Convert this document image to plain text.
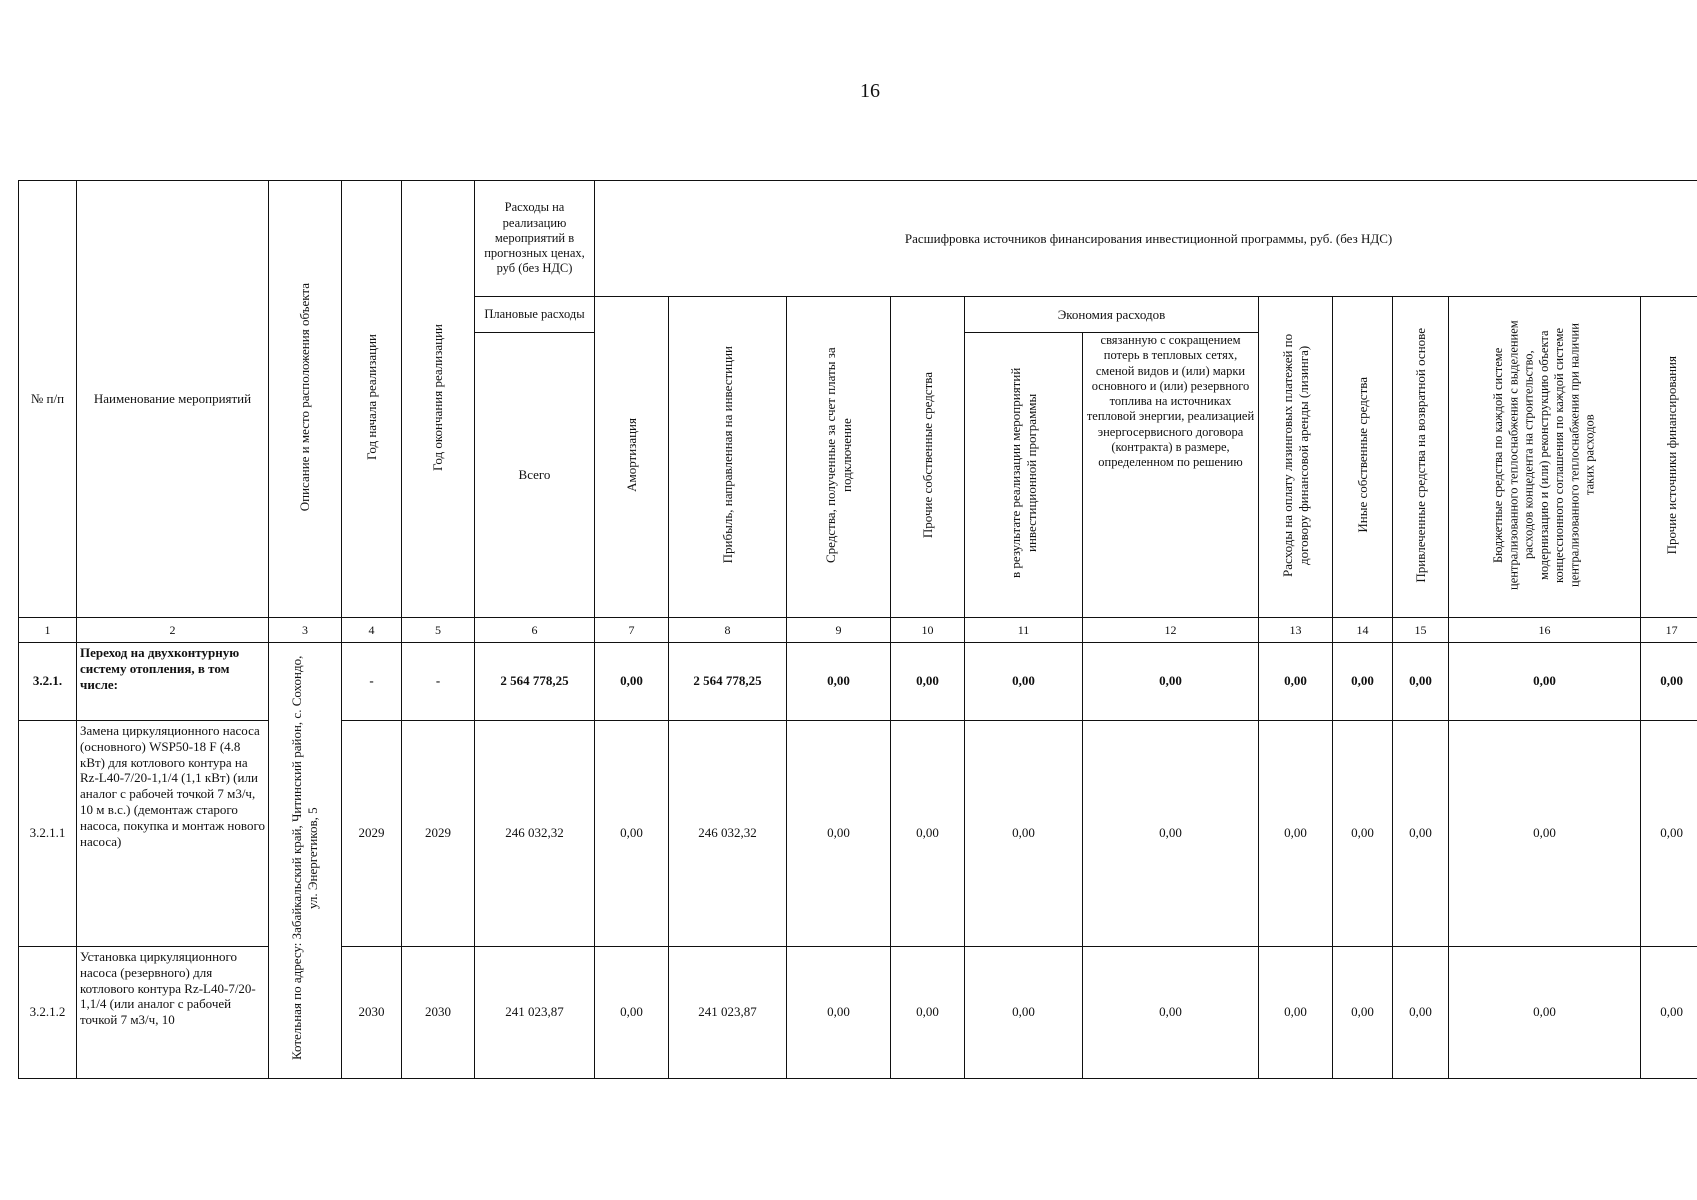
16
№ п/п	Наименование мероприятий	Описание и место расположения объекта	Год начала реализации	Год окончания реализации	Расходы на реализацию мероприятий в прогнозных ценах, руб (без НДС)	Расшифровка источников финансирования инвестиционной программы, руб. (без НДС)										
					Плановые расходы	Амортизация	Прибыль, направленная на инвестиции	Средства, полученные за счет платы за подключение	Прочие собственные средства	Экономия расходов		Расходы на оплату лизинговых платежей по договору финансовой аренды (лизинга)	Иные собственные средства	Привлеченные средства на возвратной основе	Бюджетные средства по каждой системе централизованного теплоснабжения с выделением расходов концедента на строительство, модернизацию и (или) реконструкцию объекта концессионного соглашения по каждой системе централизованного теплоснабжения при наличии таких расходов	Прочие источники финансирования
					Всего					в результате реализации мероприятий инвестиционной программы	связанную с сокращением потерь в тепловых сетях, сменой видов и (или) марки основного и (или) резервного топлива на источниках тепловой энергии, реализацией энергосервисного договора (контракта) в размере, определенном по решению					
1	2	3	4	5	6	7	8	9	10	11	12	13	14	15	16	17
3.2.1.	Переход на двухконтурную систему отопления, в том числе:	Котельная по адресу: Забайкальский край, Читинский район, с. Сохондо, ул. Энергетиков, 5	-	-	2 564 778,25	0,00	2 564 778,25	0,00	0,00	0,00	0,00	0,00	0,00	0,00	0,00	0,00
3.2.1.1	Замена циркуляционного насоса (основного) WSP50-18 F (4.8 кВт) для котлового контура на Rz-L40-7/20-1,1/4 (1,1 кВт) (или аналог с рабочей точкой 7 м3/ч, 10 м в.с.) (демонтаж старого насоса, покупка и монтаж нового насоса)		2029	2029	246 032,32	0,00	246 032,32	0,00	0,00	0,00	0,00	0,00	0,00	0,00	0,00	0,00
3.2.1.2	Установка циркуляционного насоса (резервного) для котлового контура Rz-L40-7/20-1,1/4 (или аналог с рабочей точкой 7 м3/ч, 10		2030	2030	241 023,87	0,00	241 023,87	0,00	0,00	0,00	0,00	0,00	0,00	0,00	0,00	0,00
